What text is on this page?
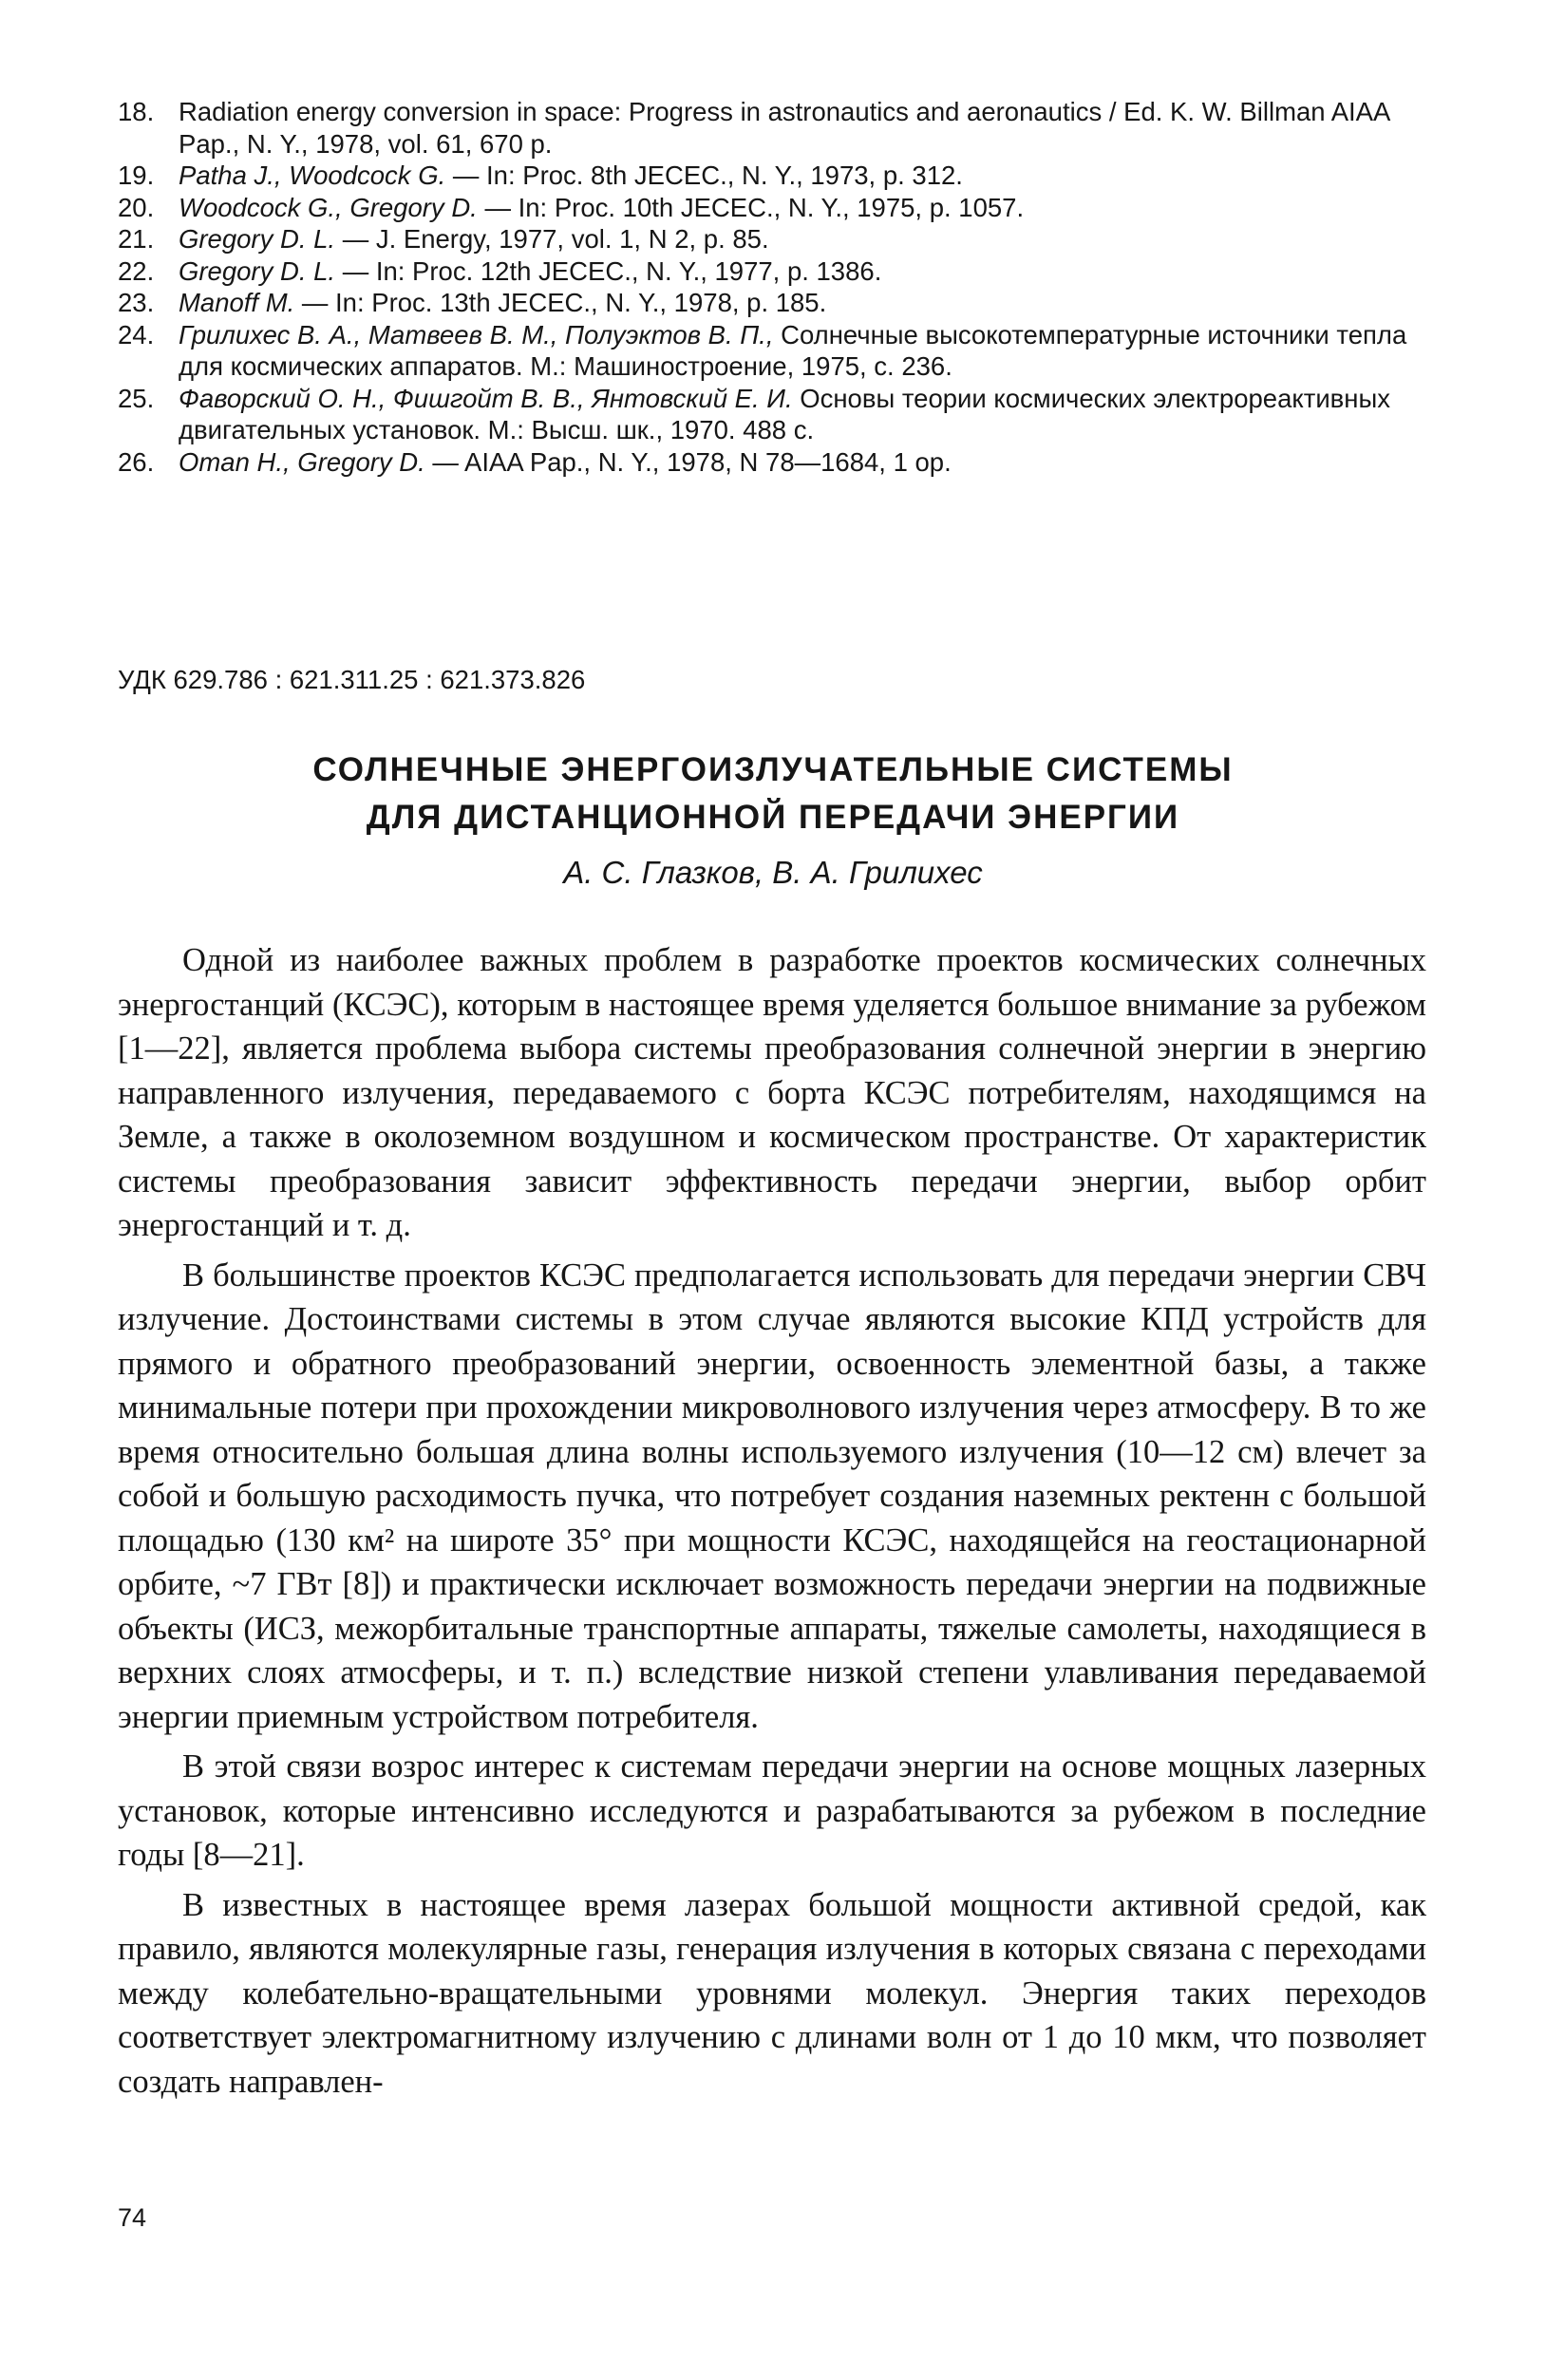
18. Radiation energy conversion in space: Progress in astronautics and aeronautics / Ed. K. W. Billman AIAA Pap., N. Y., 1978, vol. 61, 670 p.
19. Patha J., Woodcock G. — In: Proc. 8th JECEC., N. Y., 1973, p. 312.
20. Woodcock G., Gregory D. — In: Proc. 10th JECEC., N. Y., 1975, p. 1057.
21. Gregory D. L. — J. Energy, 1977, vol. 1, N 2, p. 85.
22. Gregory D. L. — In: Proc. 12th JECEC., N. Y., 1977, p. 1386.
23. Manoff M. — In: Proc. 13th JECEC., N. Y., 1978, p. 185.
24. Грилихес В. А., Матвеев В. М., Полуэктов В. П., Солнечные высокотемпературные источники тепла для космических аппаратов. М.: Машиностроение, 1975, с. 236.
25. Фаворский О. Н., Фишгойт В. В., Янтовский Е. И. Основы теории космических электрореактивных двигательных установок. М.: Высш. шк., 1970. 488 с.
26. Oman H., Gregory D. — AIAA Pap., N. Y., 1978, N 78—1684, 1 op.
УДК 629.786 : 621.311.25 : 621.373.826
СОЛНЕЧНЫЕ ЭНЕРГОИЗЛУЧАТЕЛЬНЫЕ СИСТЕМЫ
ДЛЯ ДИСТАНЦИОННОЙ ПЕРЕДАЧИ ЭНЕРГИИ
А. С. Глазков, В. А. Грилихес

Одной из наиболее важных проблем в разработке проектов космических солнечных энергостанций (КСЭС), которым в настоящее время уделяется большое внимание за рубежом [1—22], является проблема выбора системы преобразования солнечной энергии в энергию направленного излучения, передаваемого с борта КСЭС потребителям, находящимся на Земле, а также в околоземном воздушном и космическом пространстве. От характеристик системы преобразования зависит эффективность передачи энергии, выбор орбит энергостанций и т. д.

В большинстве проектов КСЭС предполагается использовать для передачи энергии СВЧ излучение. Достоинствами системы в этом случае являются высокие КПД устройств для прямого и обратного преобразований энергии, освоенность элементной базы, а также минимальные потери при прохождении микроволнового излучения через атмосферу. В то же время относительно большая длина волны используемого излучения (10—12 см) влечет за собой и большую расходимость пучка, что потребует создания наземных ректенн с большой площадью (130 км² на широте 35° при мощности КСЭС, находящейся на геостационарной орбите, ~7 ГВт [8]) и практически исключает возможность передачи энергии на подвижные объекты (ИСЗ, межорбитальные транспортные аппараты, тяжелые самолеты, находящиеся в верхних слоях атмосферы, и т. п.) вследствие низкой степени улавливания передаваемой энергии приемным устройством потребителя.

В этой связи возрос интерес к системам передачи энергии на основе мощных лазерных установок, которые интенсивно исследуются и разрабатываются за рубежом в последние годы [8—21].

В известных в настоящее время лазерах большой мощности активной средой, как правило, являются молекулярные газы, генерация излучения в которых связана с переходами между колебательно-вращательными уровнями молекул. Энергия таких переходов соответствует электромагнитному излучению с длинами волн от 1 до 10 мкм, что позволяет создать направлен-

74
